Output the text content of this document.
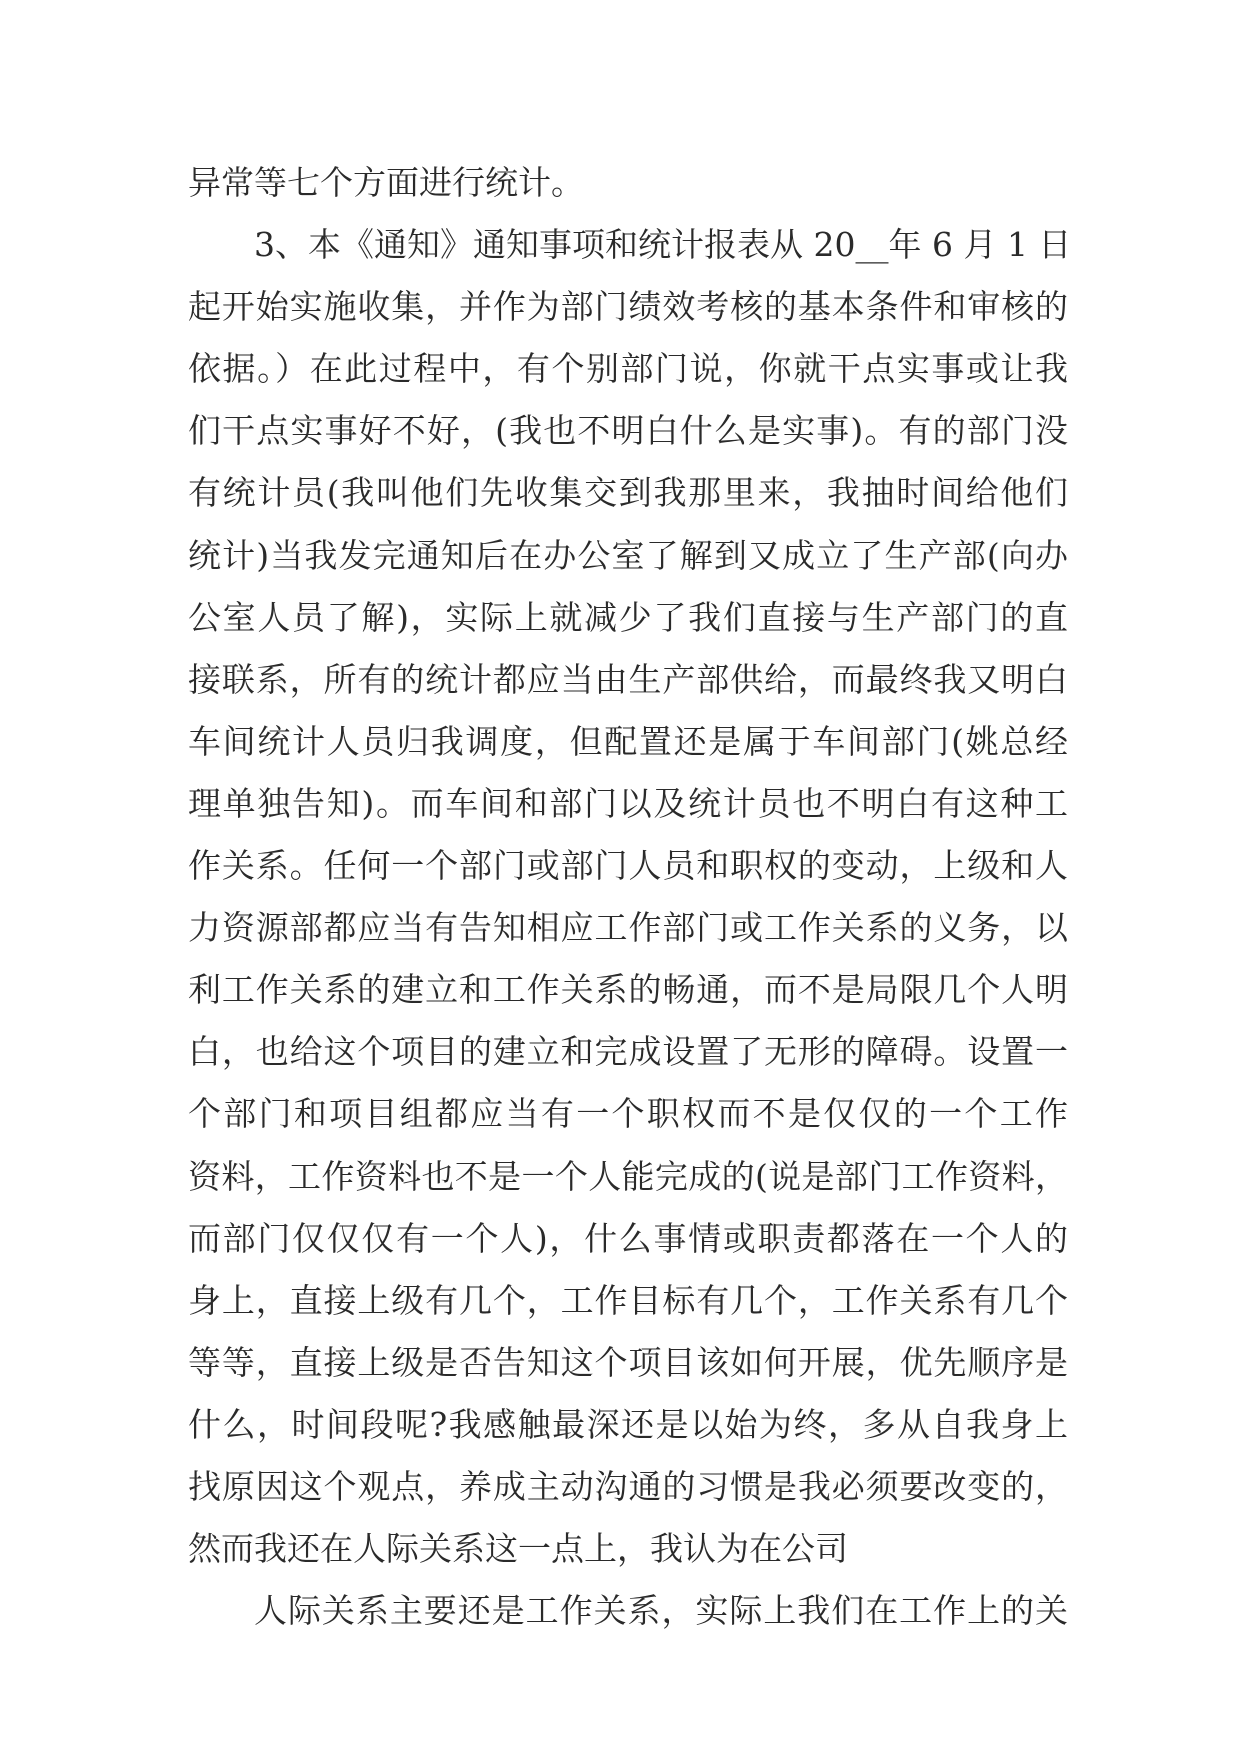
异常等七个方面进行统计。
3、本《通知》通知事项和统计报表从 20__年 6 月 1 日
起开始实施收集，并作为部门绩效考核的基本条件和审核的
依据。）在此过程中，有个别部门说，你就干点实事或让我
们干点实事好不好，(我也不明白什么是实事)。有的部门没
有统计员(我叫他们先收集交到我那里来，我抽时间给他们
统计)当我发完通知后在办公室了解到又成立了生产部(向办
公室人员了解)，实际上就减少了我们直接与生产部门的直
接联系，所有的统计都应当由生产部供给，而最终我又明白
车间统计人员归我调度，但配置还是属于车间部门(姚总经
理单独告知)。而车间和部门以及统计员也不明白有这种工
作关系。任何一个部门或部门人员和职权的变动，上级和人
力资源部都应当有告知相应工作部门或工作关系的义务，以
利工作关系的建立和工作关系的畅通，而不是局限几个人明
白，也给这个项目的建立和完成设置了无形的障碍。设置一
个部门和项目组都应当有一个职权而不是仅仅的一个工作
资料，工作资料也不是一个人能完成的(说是部门工作资料，
而部门仅仅仅有一个人)，什么事情或职责都落在一个人的
身上，直接上级有几个，工作目标有几个，工作关系有几个
等等，直接上级是否告知这个项目该如何开展，优先顺序是
什么，时间段呢?我感触最深还是以始为终，多从自我身上
找原因这个观点，养成主动沟通的习惯是我必须要改变的，
然而我还在人际关系这一点上，我认为在公司
人际关系主要还是工作关系，实际上我们在工作上的关
